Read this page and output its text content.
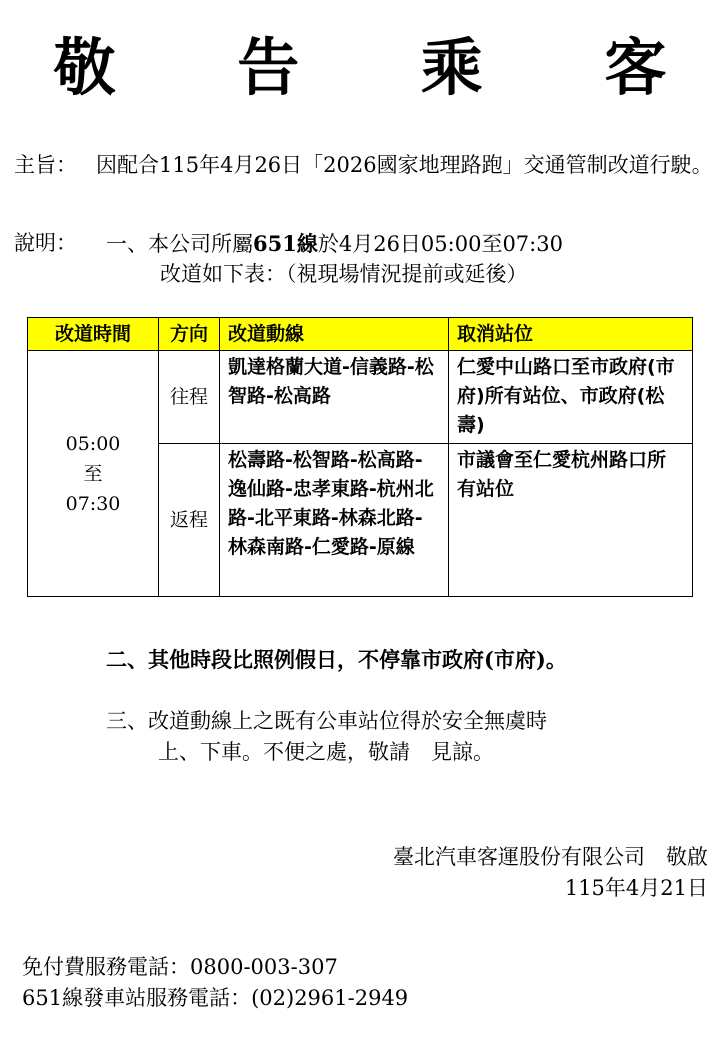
敬 告 乘 客
主旨： 因配合115年4月26日「2026國家地理路跑」交通管制改道行駛。
說明： 一、本公司所屬651線於4月26日05:00至07:30
改道如下表：（視現場情況提前或延後）
改道時間	方向	改道動線	取消站位

05:00
至
07:30	往程	凱達格蘭大道-信義路-松智路-松高路	仁愛中山路口至市政府(市府)所有站位、市政府(松壽)
	返程	松壽路-松智路-松高路-逸仙路-忠孝東路-杭州北路-北平東路-林森北路-林森南路-仁愛路-原線	市議會至仁愛杭州路口所有站位
二、其他時段比照例假日，不停靠市政府(市府)。
三、改道動線上之既有公車站位得於安全無虞時
上、下車。不便之處，敬請　見諒。
臺北汽車客運股份有限公司　敬啟
115年4月21日
免付費服務電話：0800-003-307
651線發車站服務電話：(02)2961-2949
